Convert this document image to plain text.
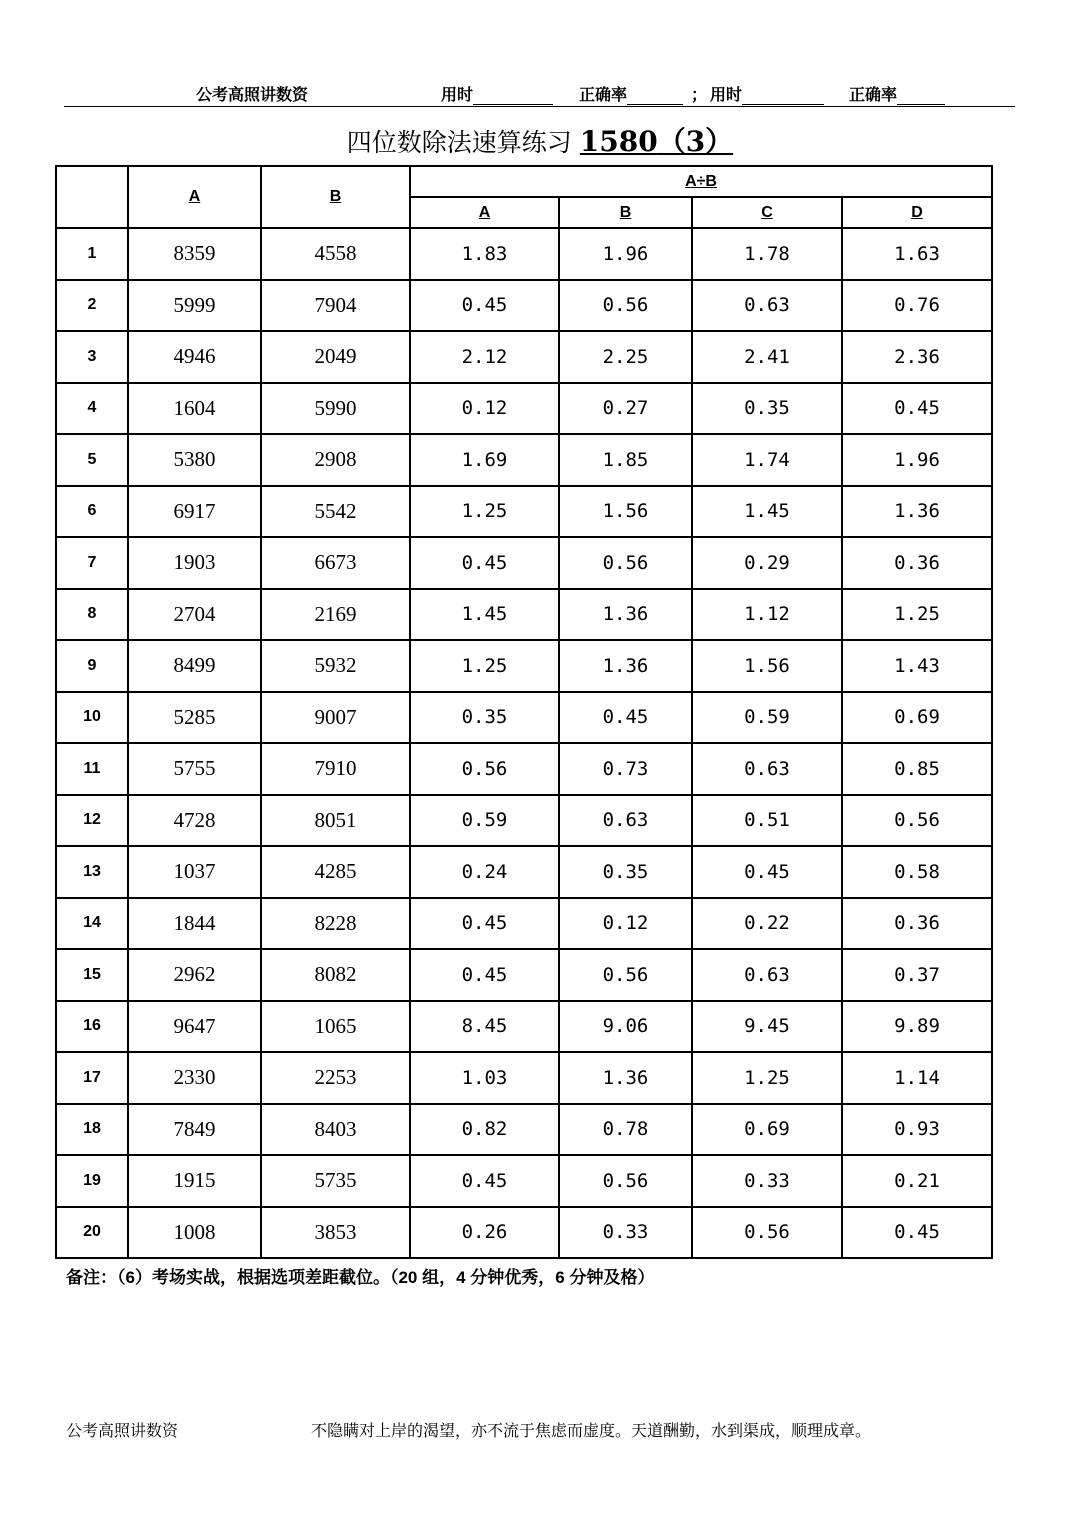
公考高照讲数资	用时	正确率	； 用时	正确率
四位数除法速算练习 1580（3）
	A	B	A÷B			
			A	B	C	D
1	8359	4558	1.83	1.96	1.78	1.63
2	5999	7904	0.45	0.56	0.63	0.76
3	4946	2049	2.12	2.25	2.41	2.36
4	1604	5990	0.12	0.27	0.35	0.45
5	5380	2908	1.69	1.85	1.74	1.96
6	6917	5542	1.25	1.56	1.45	1.36
7	1903	6673	0.45	0.56	0.29	0.36
8	2704	2169	1.45	1.36	1.12	1.25
9	8499	5932	1.25	1.36	1.56	1.43
10	5285	9007	0.35	0.45	0.59	0.69
11	5755	7910	0.56	0.73	0.63	0.85
12	4728	8051	0.59	0.63	0.51	0.56
13	1037	4285	0.24	0.35	0.45	0.58
14	1844	8228	0.45	0.12	0.22	0.36
15	2962	8082	0.45	0.56	0.63	0.37
16	9647	1065	8.45	9.06	9.45	9.89
17	2330	2253	1.03	1.36	1.25	1.14
18	7849	8403	0.82	0.78	0.69	0.93
19	1915	5735	0.45	0.56	0.33	0.21
20	1008	3853	0.26	0.33	0.56	0.45
备注：（6）考场实战，根据选项差距截位。（20 组，4 分钟优秀，6 分钟及格）
公考高照讲数资	不隐瞒对上岸的渴望，亦不流于焦虑而虚度。天道酬勤，水到渠成，顺理成章。
